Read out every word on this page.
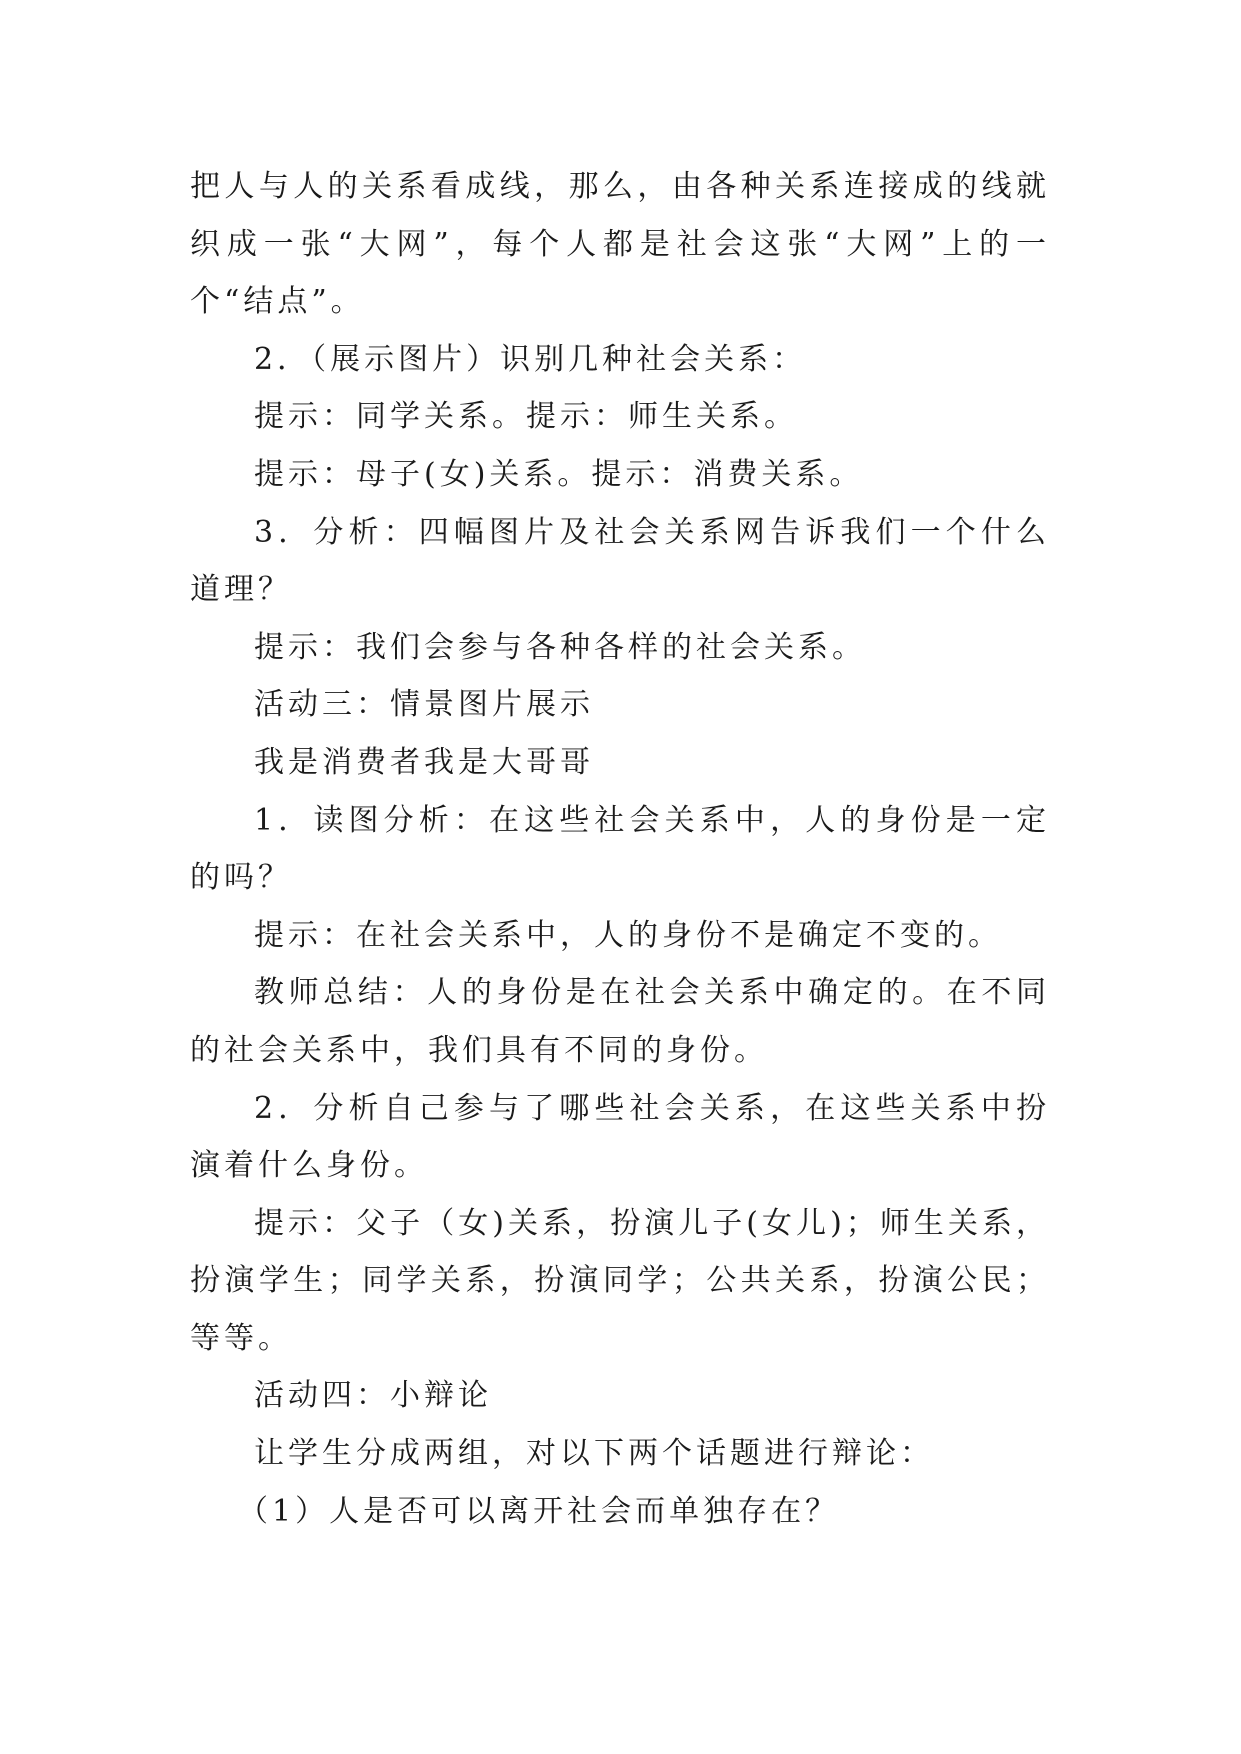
把人与人的关系看成线，那么，由各种关系连接成的线就织成一张“大网”，每个人都是社会这张“大网”上的一个“结点”。

2．（展示图片）识别几种社会关系：

提示：同学关系。提示：师生关系。

提示：母子(女)关系。提示：消费关系。

3．分析：四幅图片及社会关系网告诉我们一个什么道理？

提示：我们会参与各种各样的社会关系。

活动三：情景图片展示

我是消费者我是大哥哥

1．读图分析：在这些社会关系中，人的身份是一定的吗？

提示：在社会关系中，人的身份不是确定不变的。

教师总结：人的身份是在社会关系中确定的。在不同的社会关系中，我们具有不同的身份。

2．分析自己参与了哪些社会关系，在这些关系中扮演着什么身份。

提示：父子（女)关系，扮演儿子(女儿)；师生关系，扮演学生；同学关系，扮演同学；公共关系，扮演公民；等等。

活动四：小辩论

让学生分成两组，对以下两个话题进行辩论：

（1）人是否可以离开社会而单独存在？
